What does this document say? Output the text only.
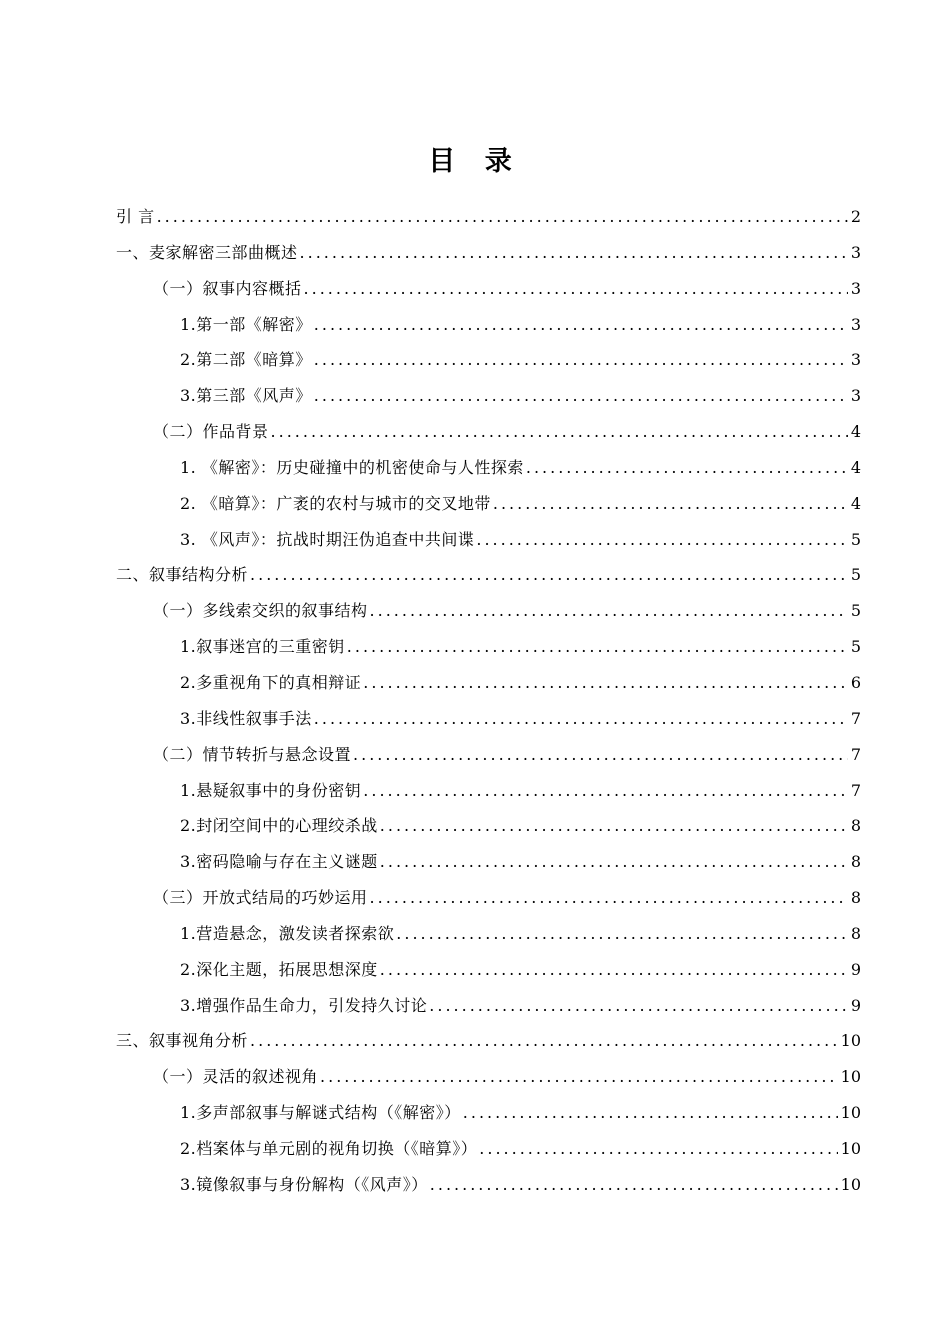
目 录
引 言 .....	2
一、麦家解密三部曲概述 .....	3
（一）叙事内容概括 .....	3
1.第一部《解密》 .....	3
2.第二部《暗算》 .....	3
3.第三部《风声》 .....	3
（二）作品背景 .....	4
1. 《解密》：历史碰撞中的机密使命与人性探索 .....	4
2. 《暗算》：广袤的农村与城市的交叉地带 .....	4
3. 《风声》：抗战时期汪伪追查中共间谍 .....	5
二、叙事结构分析 .....	5
（一）多线索交织的叙事结构 .....	5
1.叙事迷宫的三重密钥 .....	5
2.多重视角下的真相辩证 .....	6
3.非线性叙事手法 .....	7
（二）情节转折与悬念设置 .....	7
1.悬疑叙事中的身份密钥 .....	7
2.封闭空间中的心理绞杀战 .....	8
3.密码隐喻与存在主义谜题 .....	8
（三）开放式结局的巧妙运用 .....	8
1.营造悬念，激发读者探索欲 .....	8
2.深化主题，拓展思想深度 .....	9
3.增强作品生命力，引发持久讨论 .....	9
三、叙事视角分析 .....	10
（一）灵活的叙述视角 .....	10
1.多声部叙事与解谜式结构（《解密》） .....	10
2.档案体与单元剧的视角切换（《暗算》） .....	10
3.镜像叙事与身份解构（《风声》） .....	10
